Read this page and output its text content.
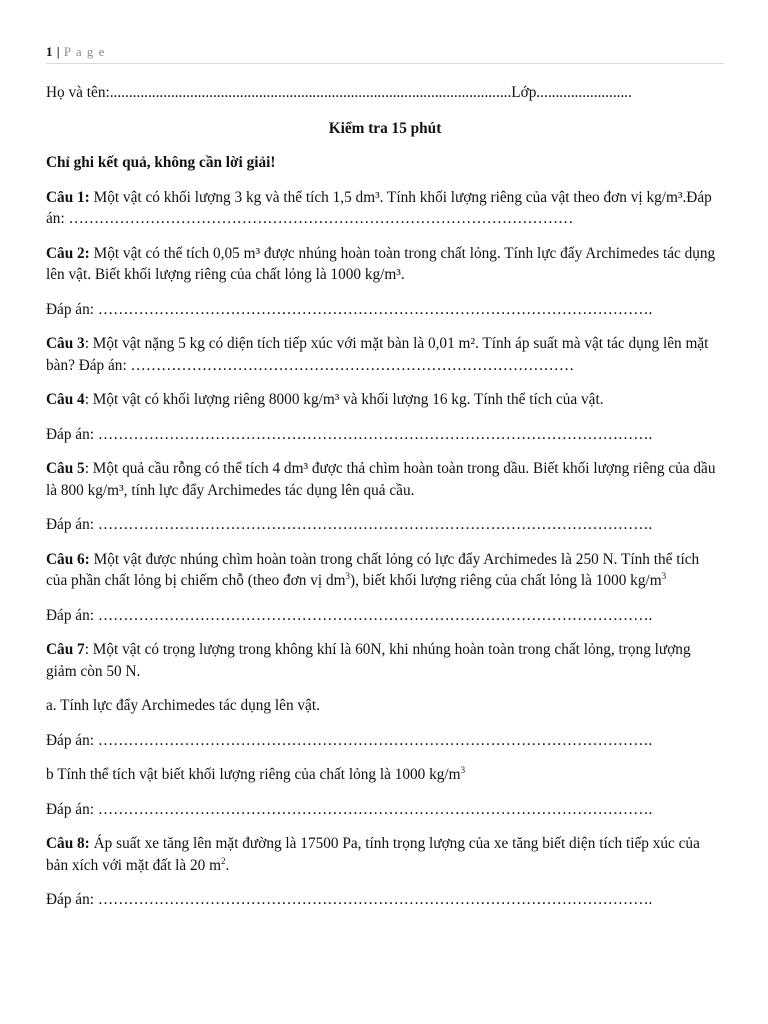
1 | P a g e

Họ và tên:.........................................................................................................Lớp.........................

Kiểm tra 15 phút

Chỉ ghi kết quả, không cần lời giải!

Câu 1: Một vật có khối lượng 3 kg và thể tích 1,5 dm³. Tính khối lượng riêng của vật theo đơn vị kg/m³.Đáp án: ………………………………………………………………………………………

Câu 2: Một vật có thể tích 0,05 m³ được nhúng hoàn toàn trong chất lỏng. Tính lực đẩy Archimedes tác dụng lên vật. Biết khối lượng riêng của chất lỏng là 1000 kg/m³.

Đáp án: ……………………………………………………………………………………………….

Câu 3: Một vật nặng 5 kg có diện tích tiếp xúc với mặt bàn là 0,01 m². Tính áp suất mà vật tác dụng lên mặt bàn? Đáp án: ……………………………………………………………………………

Câu 4: Một vật có khối lượng riêng 8000 kg/m³ và khối lượng 16 kg. Tính thể tích của vật.

Đáp án: ……………………………………………………………………………………………….

Câu 5: Một quả cầu rỗng có thể tích 4 dm³ được thả chìm hoàn toàn trong dầu. Biết khối lượng riêng của dầu là 800 kg/m³, tính lực đẩy Archimedes tác dụng lên quả cầu.

Đáp án: ……………………………………………………………………………………………….

Câu 6: Một vật được nhúng chìm hoàn toàn trong chất lỏng có lực đẩy Archimedes là 250 N. Tính thể tích của phần chất lỏng bị chiếm chỗ (theo đơn vị $dm^3$), biết khối lượng riêng của chất lỏng là 1000 $kg/m^3$

Đáp án: ……………………………………………………………………………………………….

Câu 7: Một vật có trọng lượng trong không khí là 60N, khi nhúng hoàn toàn trong chất lỏng, trọng lượng giảm còn 50 N.

a. Tính lực đẩy Archimedes tác dụng lên vật.

Đáp án: ……………………………………………………………………………………………….

b Tính thể tích vật biết khối lượng riêng của chất lỏng là 1000 $kg/m^3$

Đáp án: ……………………………………………………………………………………………….

Câu 8: Áp suất xe tăng lên mặt đường là 17500 Pa, tính trọng lượng của xe tăng biết diện tích tiếp xúc của bản xích với mặt đất là 20 $m^2$.

Đáp án: ……………………………………………………………………………………………….
